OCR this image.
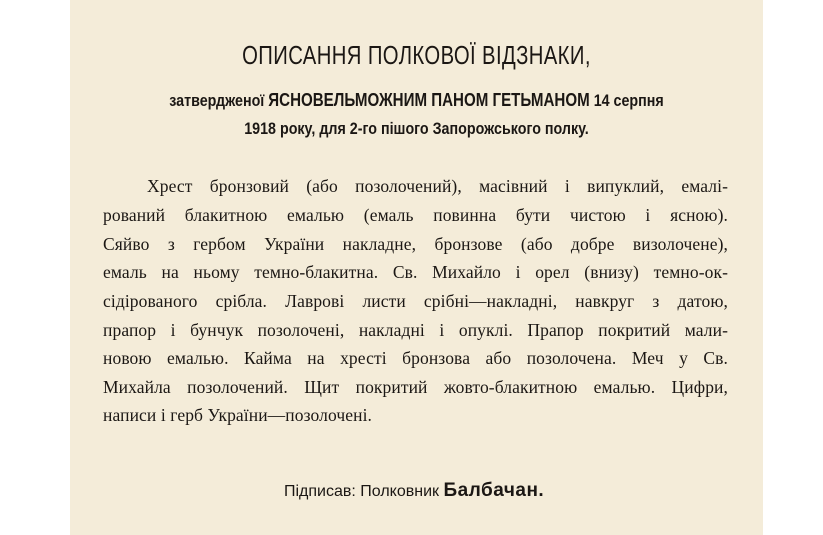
ОПИСАННЯ ПОЛКОВОЇ ВІДЗНАКИ,
затвердженої ЯСНОВЕЛЬМОЖНИМ ПАНОМ ГЕТЬМАНОМ 14 серпня
1918 року, для 2-го пішого Запорожського полку.
Хрест бронзовий (або позолочений), масівний і випуклий, емалі-
рований блакитною емалью (емаль повинна бути чистою і ясною).
Сяйво з гербом України накладне, бронзове (або добре визолочене),
емаль на ньому темно-блакитна. Св. Михайло і орел (внизу) темно-ок-
сідірованого срібла. Лаврові листи срібні—накладні, навкруг з датою,
прапор і бунчук позолочені, накладні і опуклі. Прапор покритий мали-
новою емалью. Кайма на хресті бронзова або позолочена. Меч у Св.
Михайла позолочений. Щит покритий жовто-блакитною емалью. Цифри,
написи і герб України—позолочені.
Підписав: Полковник Балбачан.
